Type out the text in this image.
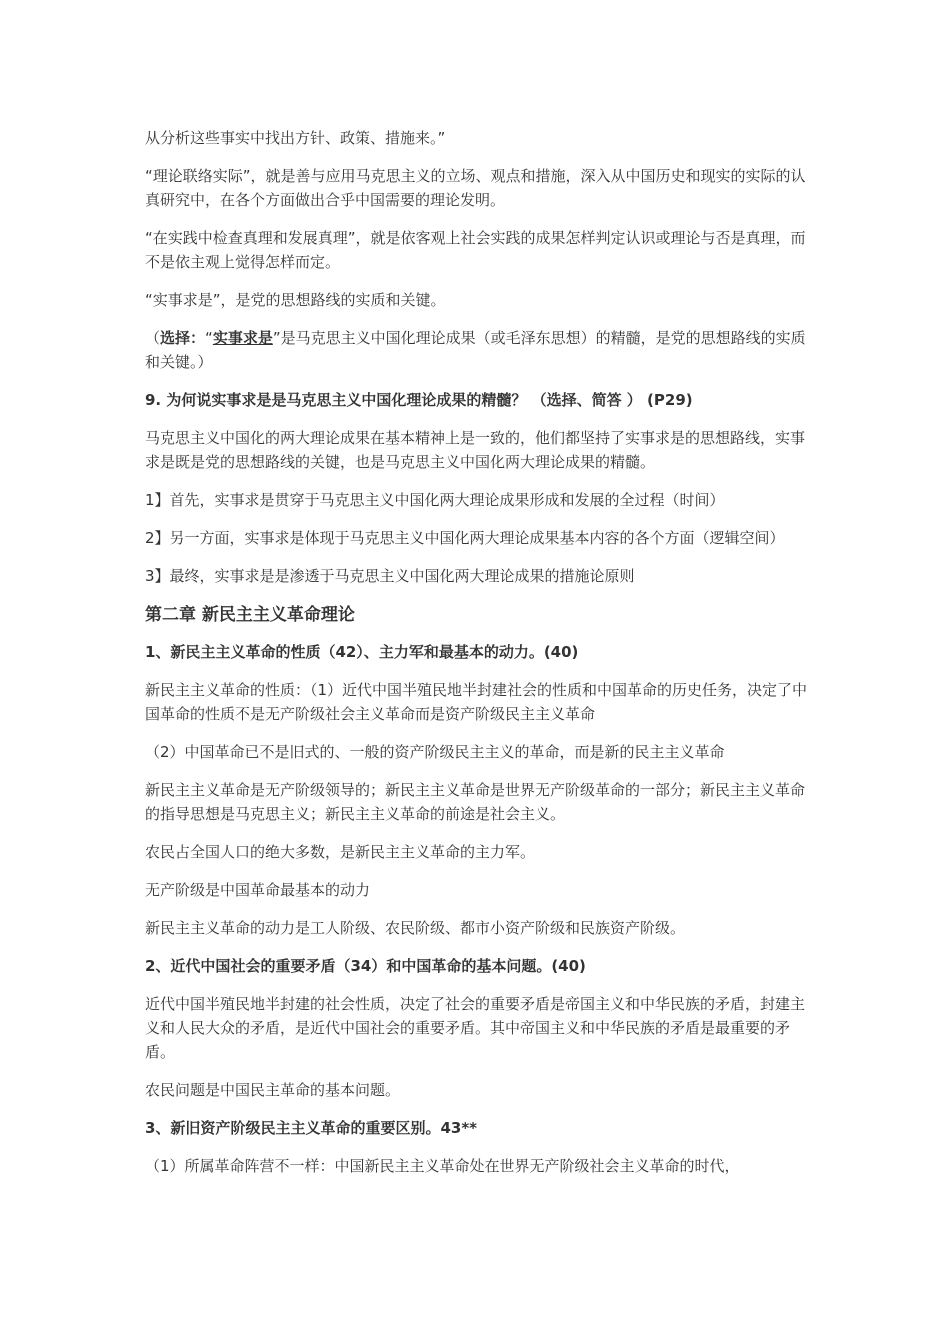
从分析这些事实中找出方针、政策、措施来。”

“理论联络实际”，就是善与应用马克思主义的立场、观点和措施，深入从中国历史和现实的实际的认真研究中，在各个方面做出合乎中国需要的理论发明。

“在实践中检查真理和发展真理”，就是依客观上社会实践的成果怎样判定认识或理论与否是真理，而不是依主观上觉得怎样而定。

“实事求是”，是党的思想路线的实质和关键。

（选择：“实事求是”是马克思主义中国化理论成果（或毛泽东思想）的精髓，是党的思想路线的实质和关键。）

9. 为何说实事求是是马克思主义中国化理论成果的精髓？ （选择、简答 ） (P29)

马克思主义中国化的两大理论成果在基本精神上是一致的，他们都坚持了实事求是的思想路线，实事求是既是党的思想路线的关键，也是马克思主义中国化两大理论成果的精髓。

1】首先，实事求是贯穿于马克思主义中国化两大理论成果形成和发展的全过程（时间）

2】另一方面，实事求是体现于马克思主义中国化两大理论成果基本内容的各个方面（逻辑空间）

3】最终，实事求是是渗透于马克思主义中国化两大理论成果的措施论原则

第二章 新民主主义革命理论

1、新民主主义革命的性质（42）、主力军和最基本的动力。(40)

新民主主义革命的性质：（1）近代中国半殖民地半封建社会的性质和中国革命的历史任务，决定了中国革命的性质不是无产阶级社会主义革命而是资产阶级民主主义革命

（2）中国革命已不是旧式的、一般的资产阶级民主主义的革命，而是新的民主主义革命

新民主主义革命是无产阶级领导的；新民主主义革命是世界无产阶级革命的一部分；新民主主义革命的指导思想是马克思主义；新民主主义革命的前途是社会主义。

农民占全国人口的绝大多数，是新民主主义革命的主力军。

无产阶级是中国革命最基本的动力

新民主主义革命的动力是工人阶级、农民阶级、都市小资产阶级和民族资产阶级。

2、近代中国社会的重要矛盾（34）和中国革命的基本问题。(40)

近代中国半殖民地半封建的社会性质，决定了社会的重要矛盾是帝国主义和中华民族的矛盾，封建主义和人民大众的矛盾，是近代中国社会的重要矛盾。其中帝国主义和中华民族的矛盾是最重要的矛盾。

农民问题是中国民主革命的基本问题。

3、新旧资产阶级民主主义革命的重要区别。43**

（1）所属革命阵营不一样：中国新民主主义革命处在世界无产阶级社会主义革命的时代，
